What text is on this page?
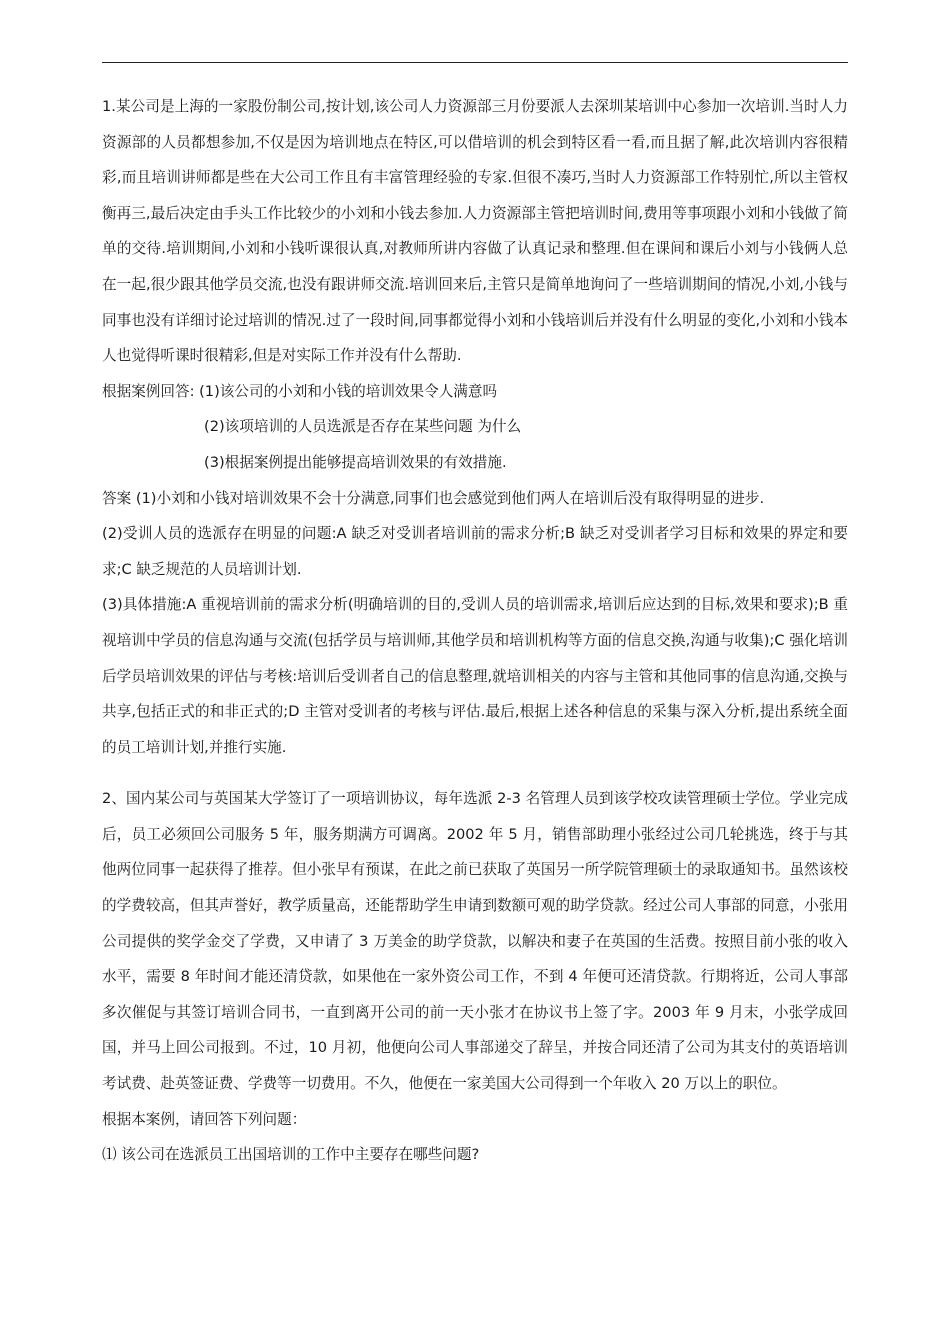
1.某公司是上海的一家股份制公司,按计划,该公司人力资源部三月份要派人去深圳某培训中心参加一次培训.当时人力资源部的人员都想参加,不仅是因为培训地点在特区,可以借培训的机会到特区看一看,而且据了解,此次培训内容很精彩,而且培训讲师都是些在大公司工作且有丰富管理经验的专家.但很不凑巧,当时人力资源部工作特别忙,所以主管权衡再三,最后决定由手头工作比较少的小刘和小钱去参加.人力资源部主管把培训时间,费用等事项跟小刘和小钱做了简单的交待.培训期间,小刘和小钱听课很认真,对教师所讲内容做了认真记录和整理.但在课间和课后小刘与小钱俩人总在一起,很少跟其他学员交流,也没有跟讲师交流.培训回来后,主管只是简单地询问了一些培训期间的情况,小刘,小钱与同事也没有详细讨论过培训的情况.过了一段时间,同事都觉得小刘和小钱培训后并没有什么明显的变化,小刘和小钱本人也觉得听课时很精彩,但是对实际工作并没有什么帮助.

根据案例回答: (1)该公司的小刘和小钱的培训效果令人满意吗

(2)该项培训的人员选派是否存在某些问题 为什么

(3)根据案例提出能够提高培训效果的有效措施.

答案 (1)小刘和小钱对培训效果不会十分满意,同事们也会感觉到他们两人在培训后没有取得明显的进步.

(2)受训人员的选派存在明显的问题:A 缺乏对受训者培训前的需求分析;B 缺乏对受训者学习目标和效果的界定和要求;C 缺乏规范的人员培训计划.

(3)具体措施:A 重视培训前的需求分析(明确培训的目的,受训人员的培训需求,培训后应达到的目标,效果和要求);B 重视培训中学员的信息沟通与交流(包括学员与培训师,其他学员和培训机构等方面的信息交换,沟通与收集);C 强化培训后学员培训效果的评估与考核:培训后受训者自己的信息整理,就培训相关的内容与主管和其他同事的信息沟通,交换与共享,包括正式的和非正式的;D 主管对受训者的考核与评估.最后,根据上述各种信息的采集与深入分析,提出系统全面的员工培训计划,并推行实施.

2、国内某公司与英国某大学签订了一项培训协议，每年选派 2-3 名管理人员到该学校攻读管理硕士学位。学业完成后，员工必须回公司服务 5 年，服务期满方可调离。2002 年 5 月，销售部助理小张经过公司几轮挑选，终于与其他两位同事一起获得了推荐。但小张早有预谋，在此之前已获取了英国另一所学院管理硕士的录取通知书。虽然该校的学费较高，但其声誉好，教学质量高，还能帮助学生申请到数额可观的助学贷款。经过公司人事部的同意，小张用公司提供的奖学金交了学费，又申请了 3 万美金的助学贷款，以解决和妻子在英国的生活费。按照目前小张的收入水平，需要 8 年时间才能还清贷款，如果他在一家外资公司工作，不到 4 年便可还清贷款。行期将近，公司人事部多次催促与其签订培训合同书，一直到离开公司的前一天小张才在协议书上签了字。2003 年 9 月末，小张学成回国，并马上回公司报到。不过，10 月初，他便向公司人事部递交了辞呈，并按合同还清了公司为其支付的英语培训考试费、赴英签证费、学费等一切费用。不久，他便在一家美国大公司得到一个年收入 20 万以上的职位。

根据本案例，请回答下列问题：

⑴ 该公司在选派员工出国培训的工作中主要存在哪些问题?
